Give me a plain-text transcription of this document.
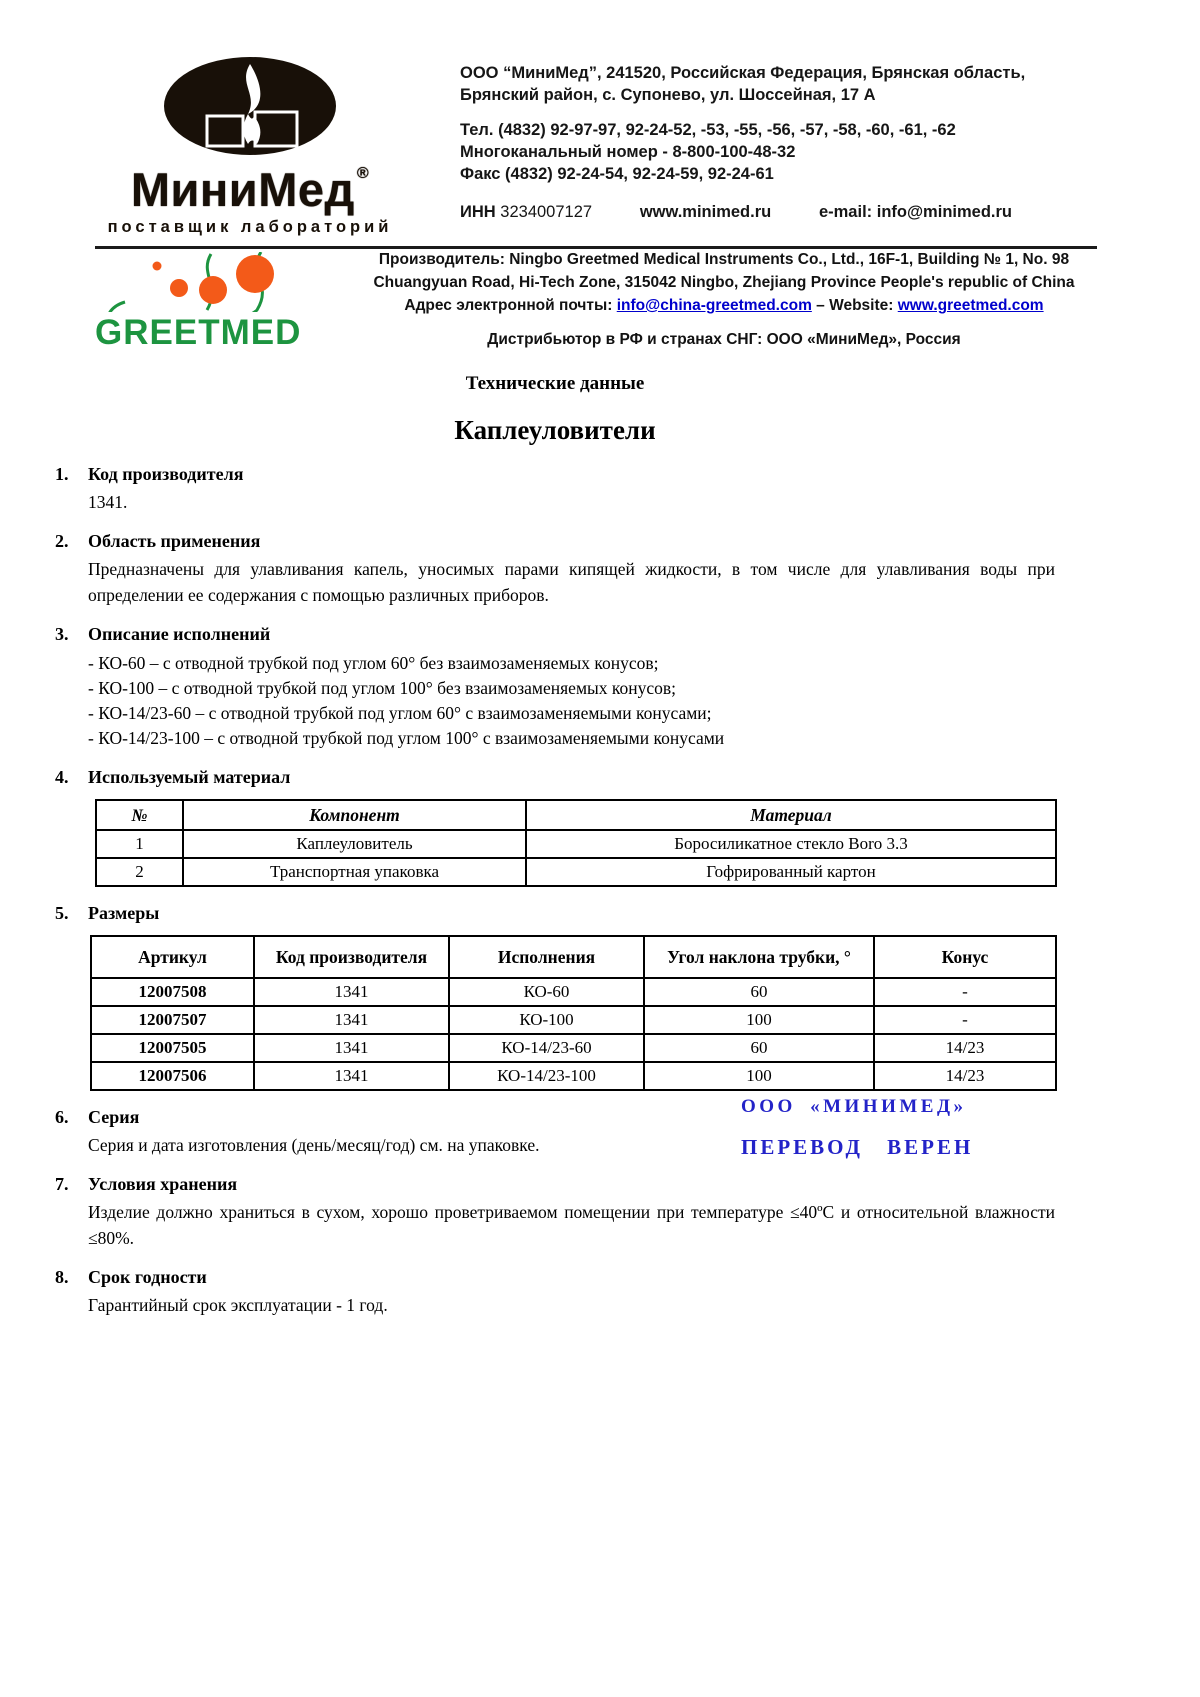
МиниМед ®
поставщик лабораторий

ООО “МиниМед”, 241520, Российская Федерация, Брянская область,

Брянский район, с. Супонево, ул. Шоссейная, 17 А

Тел. (4832) 92-97-97, 92-24-52, -53, -55, -56, -57, -58, -60, -61, -62

Многоканальный номер - 8-800-100-48-32

Факс (4832) 92-24-54, 92-24-59, 92-24-61

ИНН 3234007127	www.minimed.ru	e-mail: info@minimed.ru
GREETMED

Производитель: Ningbo Greetmed Medical Instruments Co., Ltd., 16F-1, Building № 1, No. 98

Chuangyuan Road, Hi-Tech Zone, 315042 Ningbo, Zhejiang Province People's republic of China

Адрес электронной почты: info@china-greetmed.com – Website: www.greetmed.com

Дистрибьютор в РФ и странах СНГ: ООО «МиниМед», Россия

Технические данные
Каплеуловители
1.	Код производителя

1341.

2.	Область применения

Предназначены для улавливания капель, уносимых парами кипящей жидкости, в том числе для улавливания воды при определении ее содержания с помощью различных приборов.

3.	Описание исполнений

- КО-60 – с отводной трубкой под углом 60° без взаимозаменяемых конусов;

- КО-100 – с отводной трубкой под углом 100° без взаимозаменяемых конусов;

- КО-14/23-60 – с отводной трубкой под углом 60° с взаимозаменяемыми конусами;

- КО-14/23-100 – с отводной трубкой под углом 100° с взаимозаменяемыми конусами

4.	Используемый материал
№	Компонент	Материал
1	Каплеуловитель	Боросиликатное стекло Boro 3.3
2	Транспортная упаковка	Гофрированный картон
5.	Размеры
Артикул	Код производителя	Исполнения	Угол наклона трубки, °	Конус
12007508	1341	КО-60	60	-
12007507	1341	КО-100	100	-
12007505	1341	КО-14/23-60	60	14/23
12007506	1341	КО-14/23-100	100	14/23
6.	Серия

Серия и дата изготовления (день/месяц/год) см. на упаковке.

ООО «МИНИМЕД»
ПЕРЕВОД ВЕРЕН
7.	Условия хранения

Изделие должно храниться в сухом, хорошо проветриваемом помещении при температуре ≤40ºС и относительной влажности ≤80%.

8.	Срок годности

Гарантийный срок эксплуатации - 1 год.
